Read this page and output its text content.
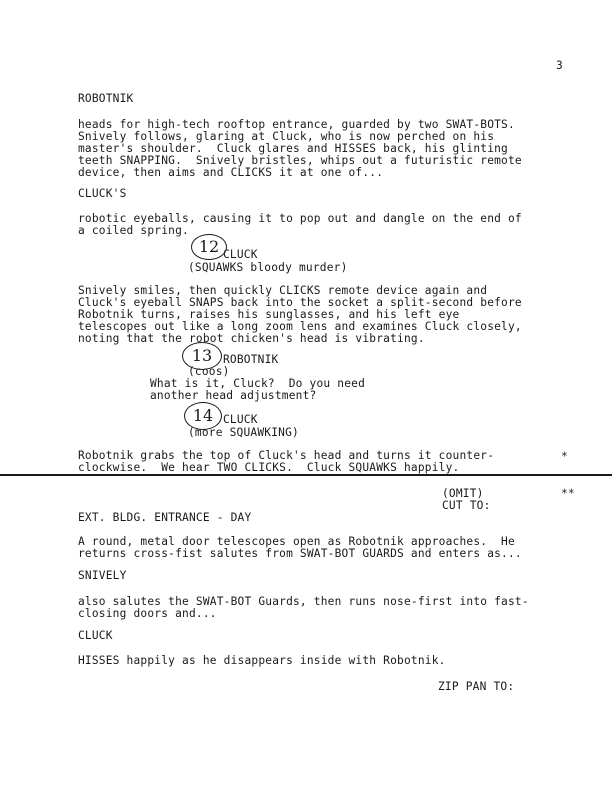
3
ROBOTNIK
heads for high-tech rooftop entrance, guarded by two SWAT-BOTS.
Snively follows, glaring at Cluck, who is now perched on his
master's shoulder.  Cluck glares and HISSES back, his glinting
teeth SNAPPING.  Snively bristles, whips out a futuristic remote
device, then aims and CLICKS it at one of...
CLUCK'S
robotic eyeballs, causing it to pop out and dangle on the end of
a coiled spring.
CLUCK
(SQUAWKS bloody murder)
Snively smiles, then quickly CLICKS remote device again and
Cluck's eyeball SNAPS back into the socket a split-second before
Robotnik turns, raises his sunglasses, and his left eye
telescopes out like a long zoom lens and examines Cluck closely,
noting that the robot chicken's head is vibrating.
ROBOTNIK
(coos)
What is it, Cluck?  Do you need
another head adjustment?
CLUCK
(more SQUAWKING)
Robotnik grabs the top of Cluck's head and turns it counter-
clockwise.  We hear TWO CLICKS.  Cluck SQUAWKS happily.
*
(OMIT)	**
CUT TO:
EXT. BLDG. ENTRANCE - DAY
A round, metal door telescopes open as Robotnik approaches.  He
returns cross-fist salutes from SWAT-BOT GUARDS and enters as...
SNIVELY
also salutes the SWAT-BOT Guards, then runs nose-first into fast-
closing doors and...
CLUCK
HISSES happily as he disappears inside with Robotnik.
ZIP PAN TO:
12
13
14
